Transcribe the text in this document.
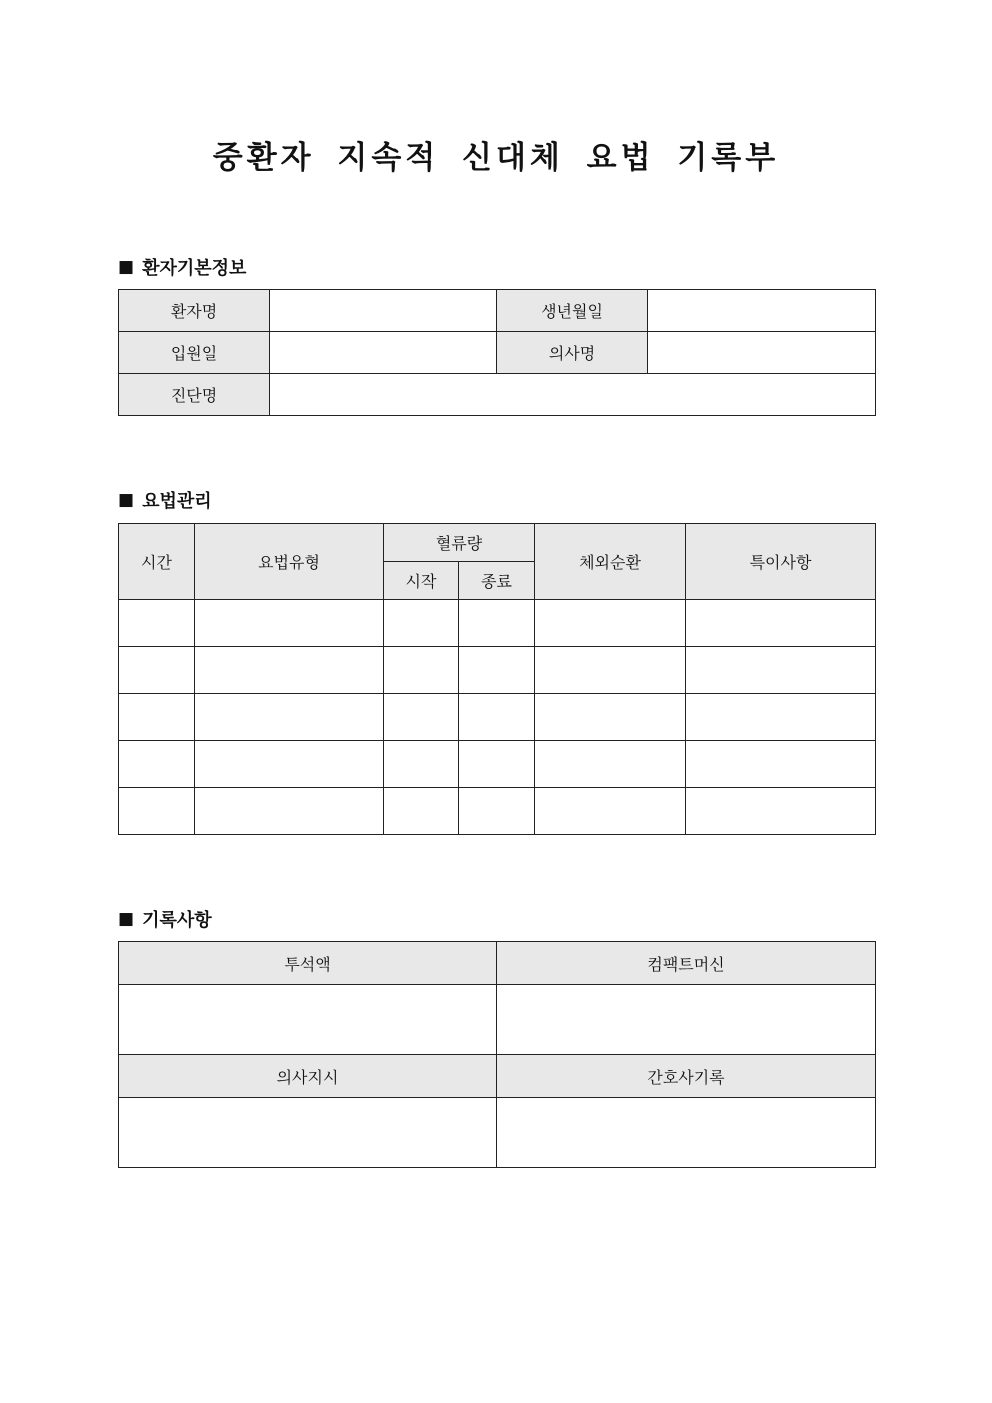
중환자 지속적 신대체 요법 기록부
■ 환자기본정보
환자명		생년월일	
입원일		의사명	
진단명			
■ 요법관리
시간	요법유형	혈류량		체외순환	특이사항
		시작	종료		

■ 기록사항
투석액	컴팩트머신

의사지시	간호사기록
